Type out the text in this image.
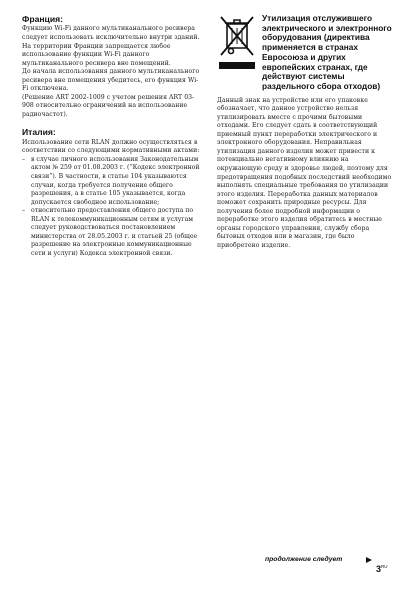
Франция:

Функцию Wi-Fi данного мультиканального ресивера следует использовать исключительно внутри зданий.

На территории Франции запрещается любое использование функции Wi-Fi данного мультиканального ресивера вне помещений.

До начала использования данного мультиканального ресивера вне помещения убедитесь, его функция Wi-Fi отключена.

(Решение ART 2002-1009 с учетом решения ART 03-908 относительно ограничений на использование радиочастот).

Италия:

Использование сети RLAN должно осуществляться в соответствии со следующими нормативными актами:

– в случае личного использования Законодательным актом № 259 от 01.08.2003 г. (“Кодекс электронной связи”). В частности, в статье 104 указываются случаи, когда требуется получение общего разрешения, а в статье 105 указывается, когда допускается свободное использование;
– относительно предоставления общего доступа по RLAN к телекоммуникационным сетям и услугам следует руководствоваться постановлением министерства от 28.05.2003 г. и статьей 25 (общее разрешение на электронные коммуникационные сети и услуги) Кодекса электронной связи.
Утилизация отслужившего электрического и электронного оборудования (директива применяется в странах Евросоюза и других европейских странах, где действуют системы раздельного сбора отходов)

Данный знак на устройстве или его упаковке обозначает, что данное устройство нельзя утилизировать вместе с прочими бытовыми отходами. Его следует сдать в соответствующий приемный пункт переработки электрического и электронного оборудования. Неправильная утилизация данного изделия может привести к потенциально негативному влиянию на окружающую среду и здоровье людей, поэтому для предотвращения подобных последствий необходимо выполнять специальные требования по утилизации этого изделия. Переработка данных материалов поможет сохранить природные ресурсы. Для получения более подробной информации о переработке этого изделия обратитесь в местные органы городского управления, службу сбора бытовых отходов или в магазин, где было приобретено изделие.

продолжение следует
$3^{RU}$
